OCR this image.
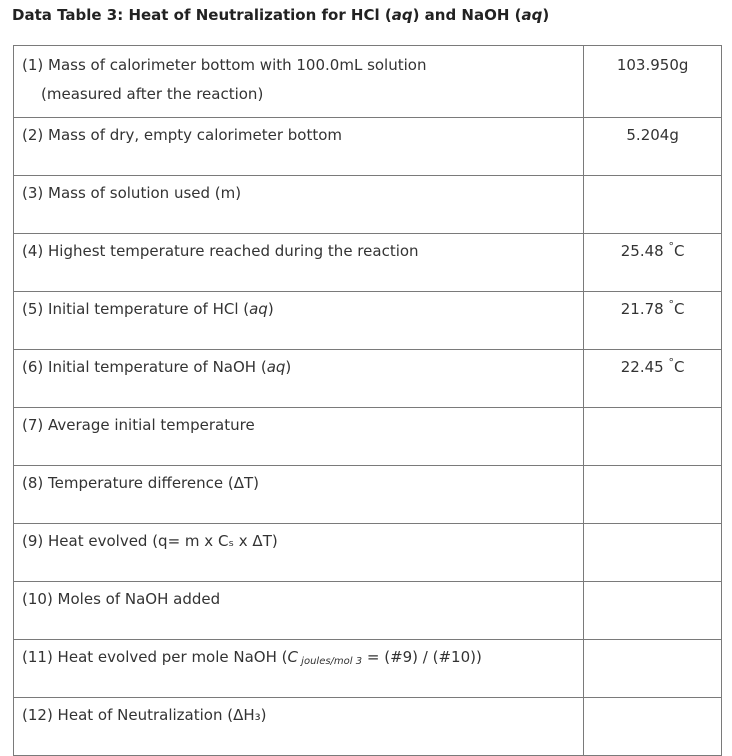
Data Table 3: Heat of Neutralization for HCl (aq) and NaOH (aq)
(1) Mass of calorimeter bottom with 100.0mL solution
(measured after the reaction)	103.950g
(2) Mass of dry, empty calorimeter bottom	5.204g
(3) Mass of solution used (m)	
(4) Highest temperature reached during the reaction	25.48 °C
(5) Initial temperature of HCl (aq)	21.78 °C
(6) Initial temperature of NaOH (aq)	22.45 °C
(7) Average initial temperature	
(8) Temperature difference (ΔT)	
(9) Heat evolved (q= m x Cₛ x ΔT)	
(10) Moles of NaOH added	
(11) Heat evolved per mole NaOH (C $_{joules/mol 3}$ = (#9) / (#10))	
(12) Heat of Neutralization (ΔH₃)	
